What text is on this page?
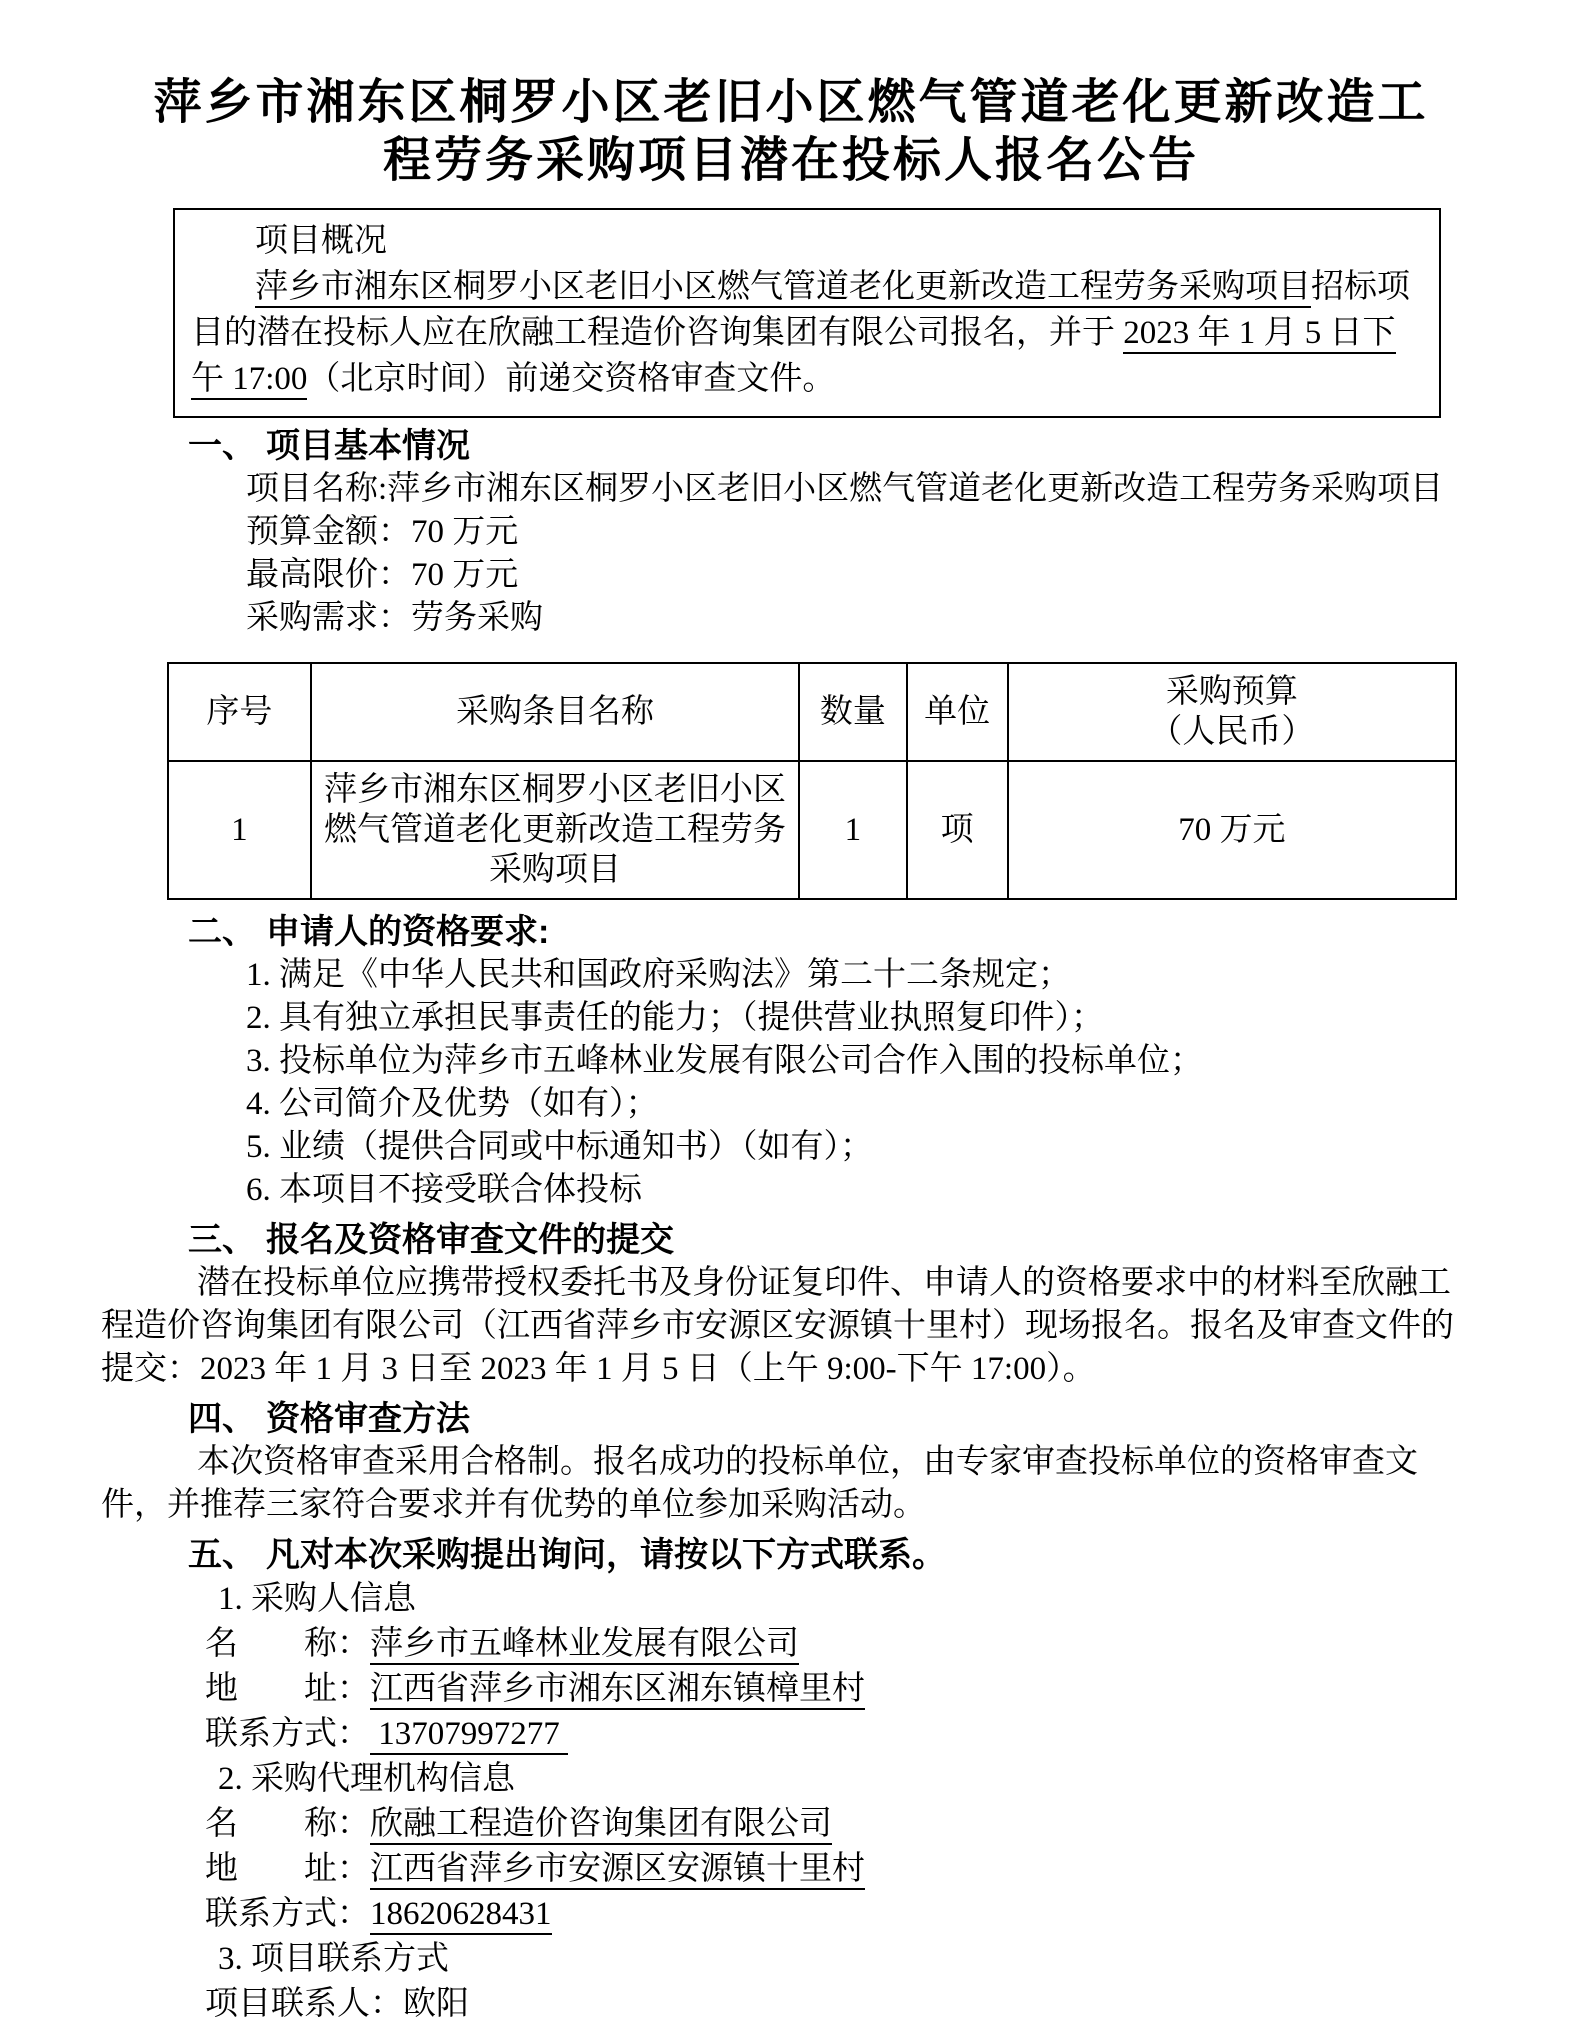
萍乡市湘东区桐罗小区老旧小区燃气管道老化更新改造工程劳务采购项目潜在投标人报名公告
项目概况

萍乡市湘东区桐罗小区老旧小区燃气管道老化更新改造工程劳务采购项目招标项目的潜在投标人应在欣融工程造价咨询集团有限公司报名，并于 2023 年 1 月 5 日下午 17:00（北京时间）前递交资格审查文件。

一、 项目基本情况
项目名称:萍乡市湘东区桐罗小区老旧小区燃气管道老化更新改造工程劳务采购项目
预算金额：70 万元
最高限价：70 万元
采购需求：劳务采购
序号	采购条目名称	数量	单位	采购预算
（人民币）

1	萍乡市湘东区桐罗小区老旧小区
燃气管道老化更新改造工程劳务
采购项目	1	项	70 万元
二、 申请人的资格要求:
1. 满足《中华人民共和国政府采购法》第二十二条规定；
2. 具有独立承担民事责任的能力；（提供营业执照复印件）；
3. 投标单位为萍乡市五峰林业发展有限公司合作入围的投标单位；
4. 公司简介及优势（如有）；
5. 业绩（提供合同或中标通知书）（如有）；
6. 本项目不接受联合体投标
三、 报名及资格审查文件的提交

潜在投标单位应携带授权委托书及身份证复印件、申请人的资格要求中的材料至欣融工程造价咨询集团有限公司（江西省萍乡市安源区安源镇十里村）现场报名。报名及审查文件的提交：2023 年 1 月 3 日至 2023 年 1 月 5 日（上午 9:00-下午 17:00）。

四、 资格审查方法

本次资格审查采用合格制。报名成功的投标单位，由专家审查投标单位的资格审查文件，并推荐三家符合要求并有优势的单位参加采购活动。

五、 凡对本次采购提出询问，请按以下方式联系。
1. 采购人信息
名　　称：萍乡市五峰林业发展有限公司
地　　址：江西省萍乡市湘东区湘东镇樟里村
联系方式： 13707997277
2. 采购代理机构信息
名　　称：欣融工程造价咨询集团有限公司
地　　址：江西省萍乡市安源区安源镇十里村
联系方式：18620628431
3. 项目联系方式
项目联系人：欧阳
